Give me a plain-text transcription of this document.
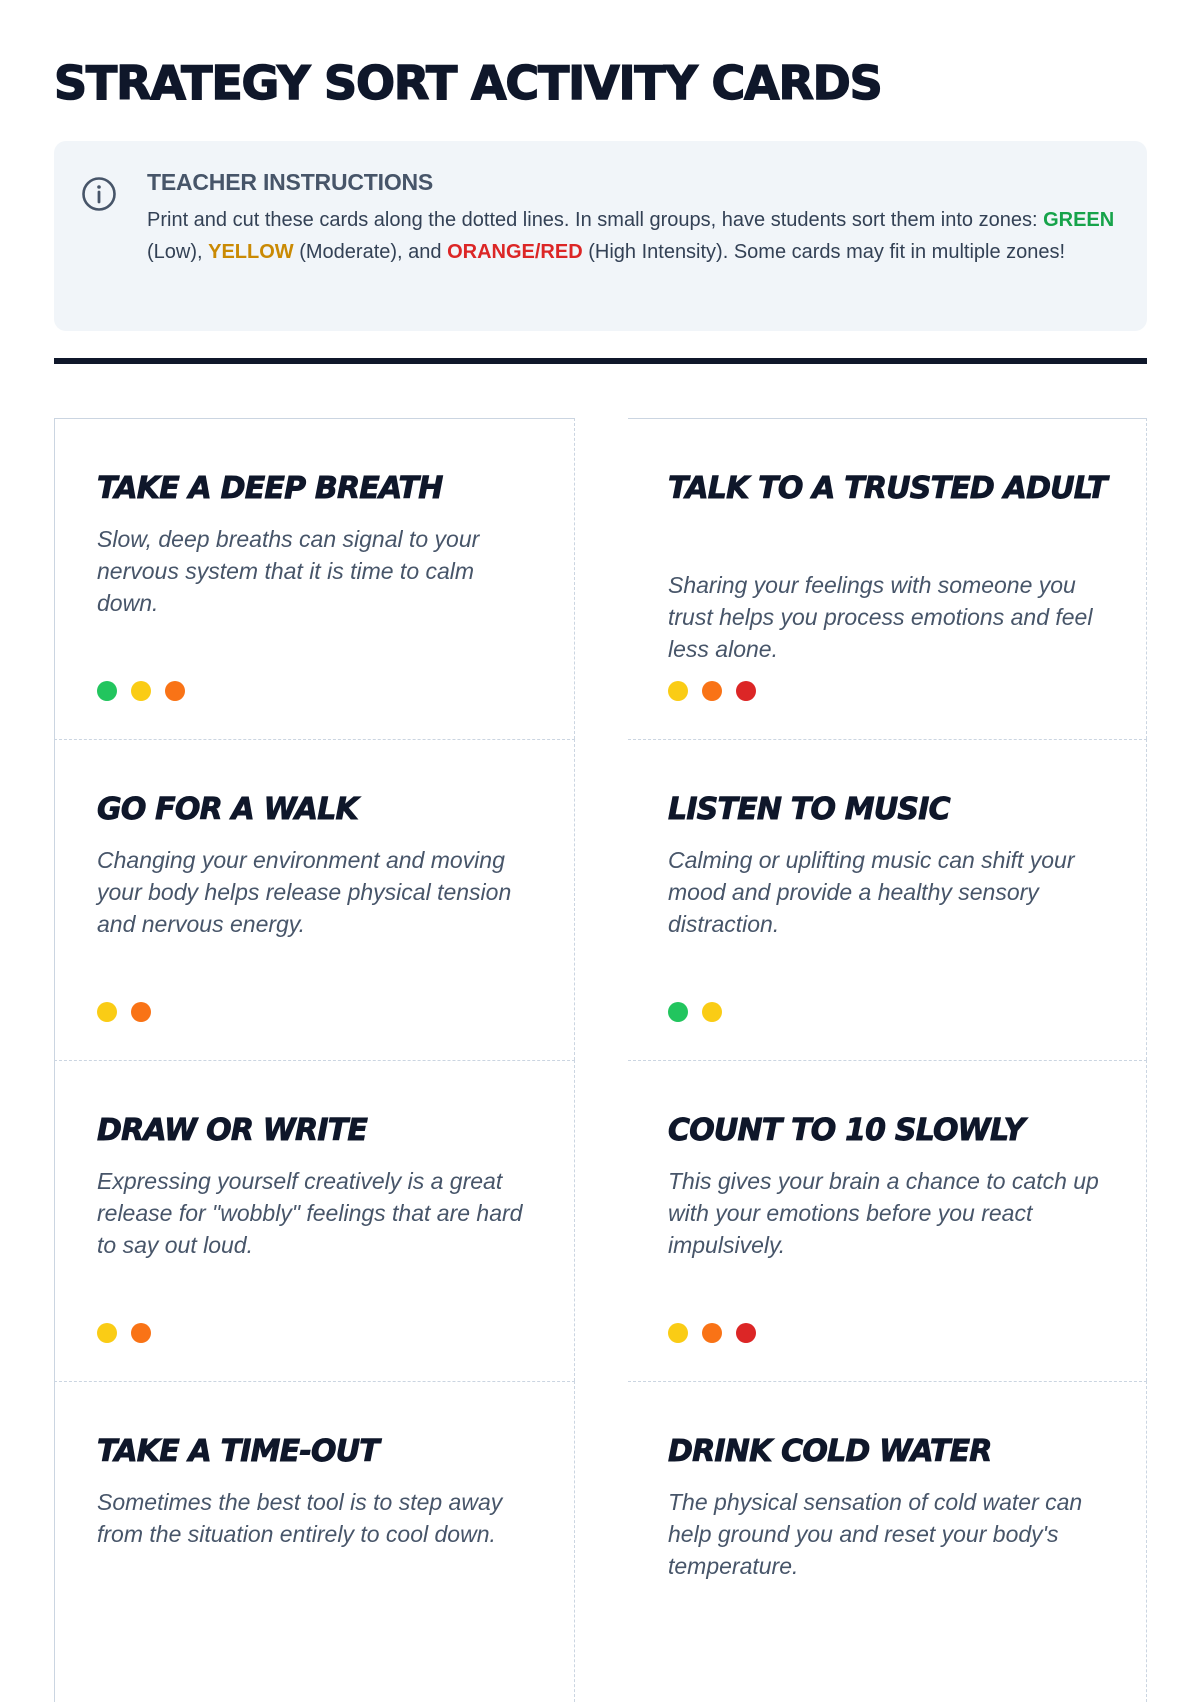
STRATEGY SORT ACTIVITY CARDS

TEACHER INSTRUCTIONS

Print and cut these cards along the dotted lines. In small groups, have students sort them into zones: GREEN (Low), YELLOW (Moderate), and ORANGE/RED (High Intensity). Some cards may fit in multiple zones!

TAKE A DEEP BREATH

Slow, deep breaths can signal to your nervous system that it is time to calm down.

TALK TO A TRUSTED ADULT

Sharing your feelings with someone you trust helps you process emotions and feel less alone.

GO FOR A WALK

Changing your environment and moving your body helps release physical tension and nervous energy.

LISTEN TO MUSIC

Calming or uplifting music can shift your mood and provide a healthy sensory distraction.

DRAW OR WRITE

Expressing yourself creatively is a great release for "wobbly" feelings that are hard to say out loud.

COUNT TO 10 SLOWLY

This gives your brain a chance to catch up with your emotions before you react impulsively.

TAKE A TIME-OUT

Sometimes the best tool is to step away from the situation entirely to cool down.

DRINK COLD WATER

The physical sensation of cold water can help ground you and reset your body's temperature.
